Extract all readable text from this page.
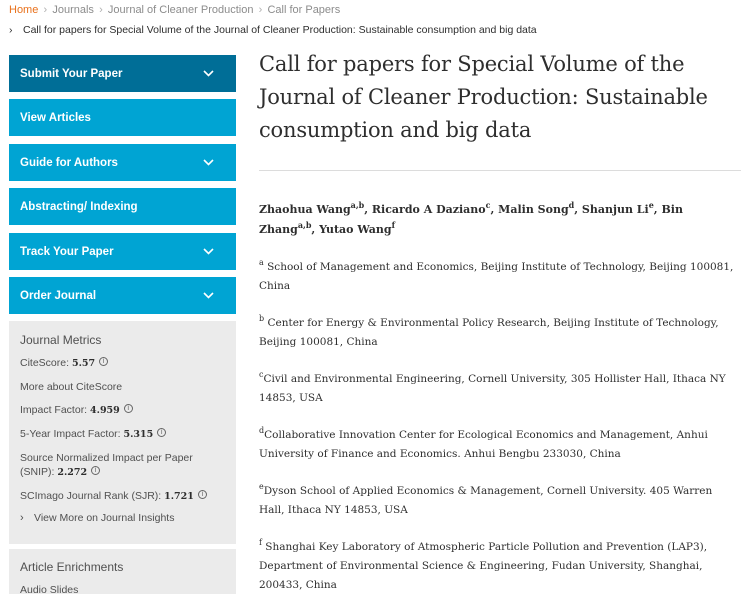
Home › Journals › Journal of Cleaner Production › Call for Papers
›	Call for papers for Special Volume of the Journal of Cleaner Production: Sustainable consumption and big data
Submit Your Paper
View Articles
Guide for Authors
Abstracting/ Indexing
Track Your Paper
Order Journal
Journal Metrics
CiteScore: 5.57 i
More about CiteScore
Impact Factor: 4.959 i
5-Year Impact Factor: 5.315 i
Source Normalized Impact per Paper (SNIP): 2.272 i
SCImago Journal Rank (SJR): 1.721 i
› View More on Journal Insights
Article Enrichments
Audio Slides
Call for papers for Special Volume of the Journal of Cleaner Production: Sustainable consumption and big data
Zhaohua Wang$^{a,b}$, Ricardo A Daziano$^c$, Malin Song$^d$, Shanjun Li$^e$, Bin Zhang$^{a,b}$, Yutao Wang$^f$
$^a$ School of Management and Economics, Beijing Institute of Technology, Beijing 100081, China
$^b$ Center for Energy & Environmental Policy Research, Beijing Institute of Technology, Beijing 100081, China
$^c$Civil and Environmental Engineering, Cornell University, 305 Hollister Hall, Ithaca NY 14853, USA
$^d$Collaborative Innovation Center for Ecological Economics and Management, Anhui University of Finance and Economics. Anhui Bengbu 233030, China
$^e$Dyson School of Applied Economics & Management, Cornell University. 405 Warren Hall, Ithaca NY 14853, USA
$^f$ Shanghai Key Laboratory of Atmospheric Particle Pollution and Prevention (LAP3), Department of Environmental Science & Engineering, Fudan University, Shanghai, 200433, China
